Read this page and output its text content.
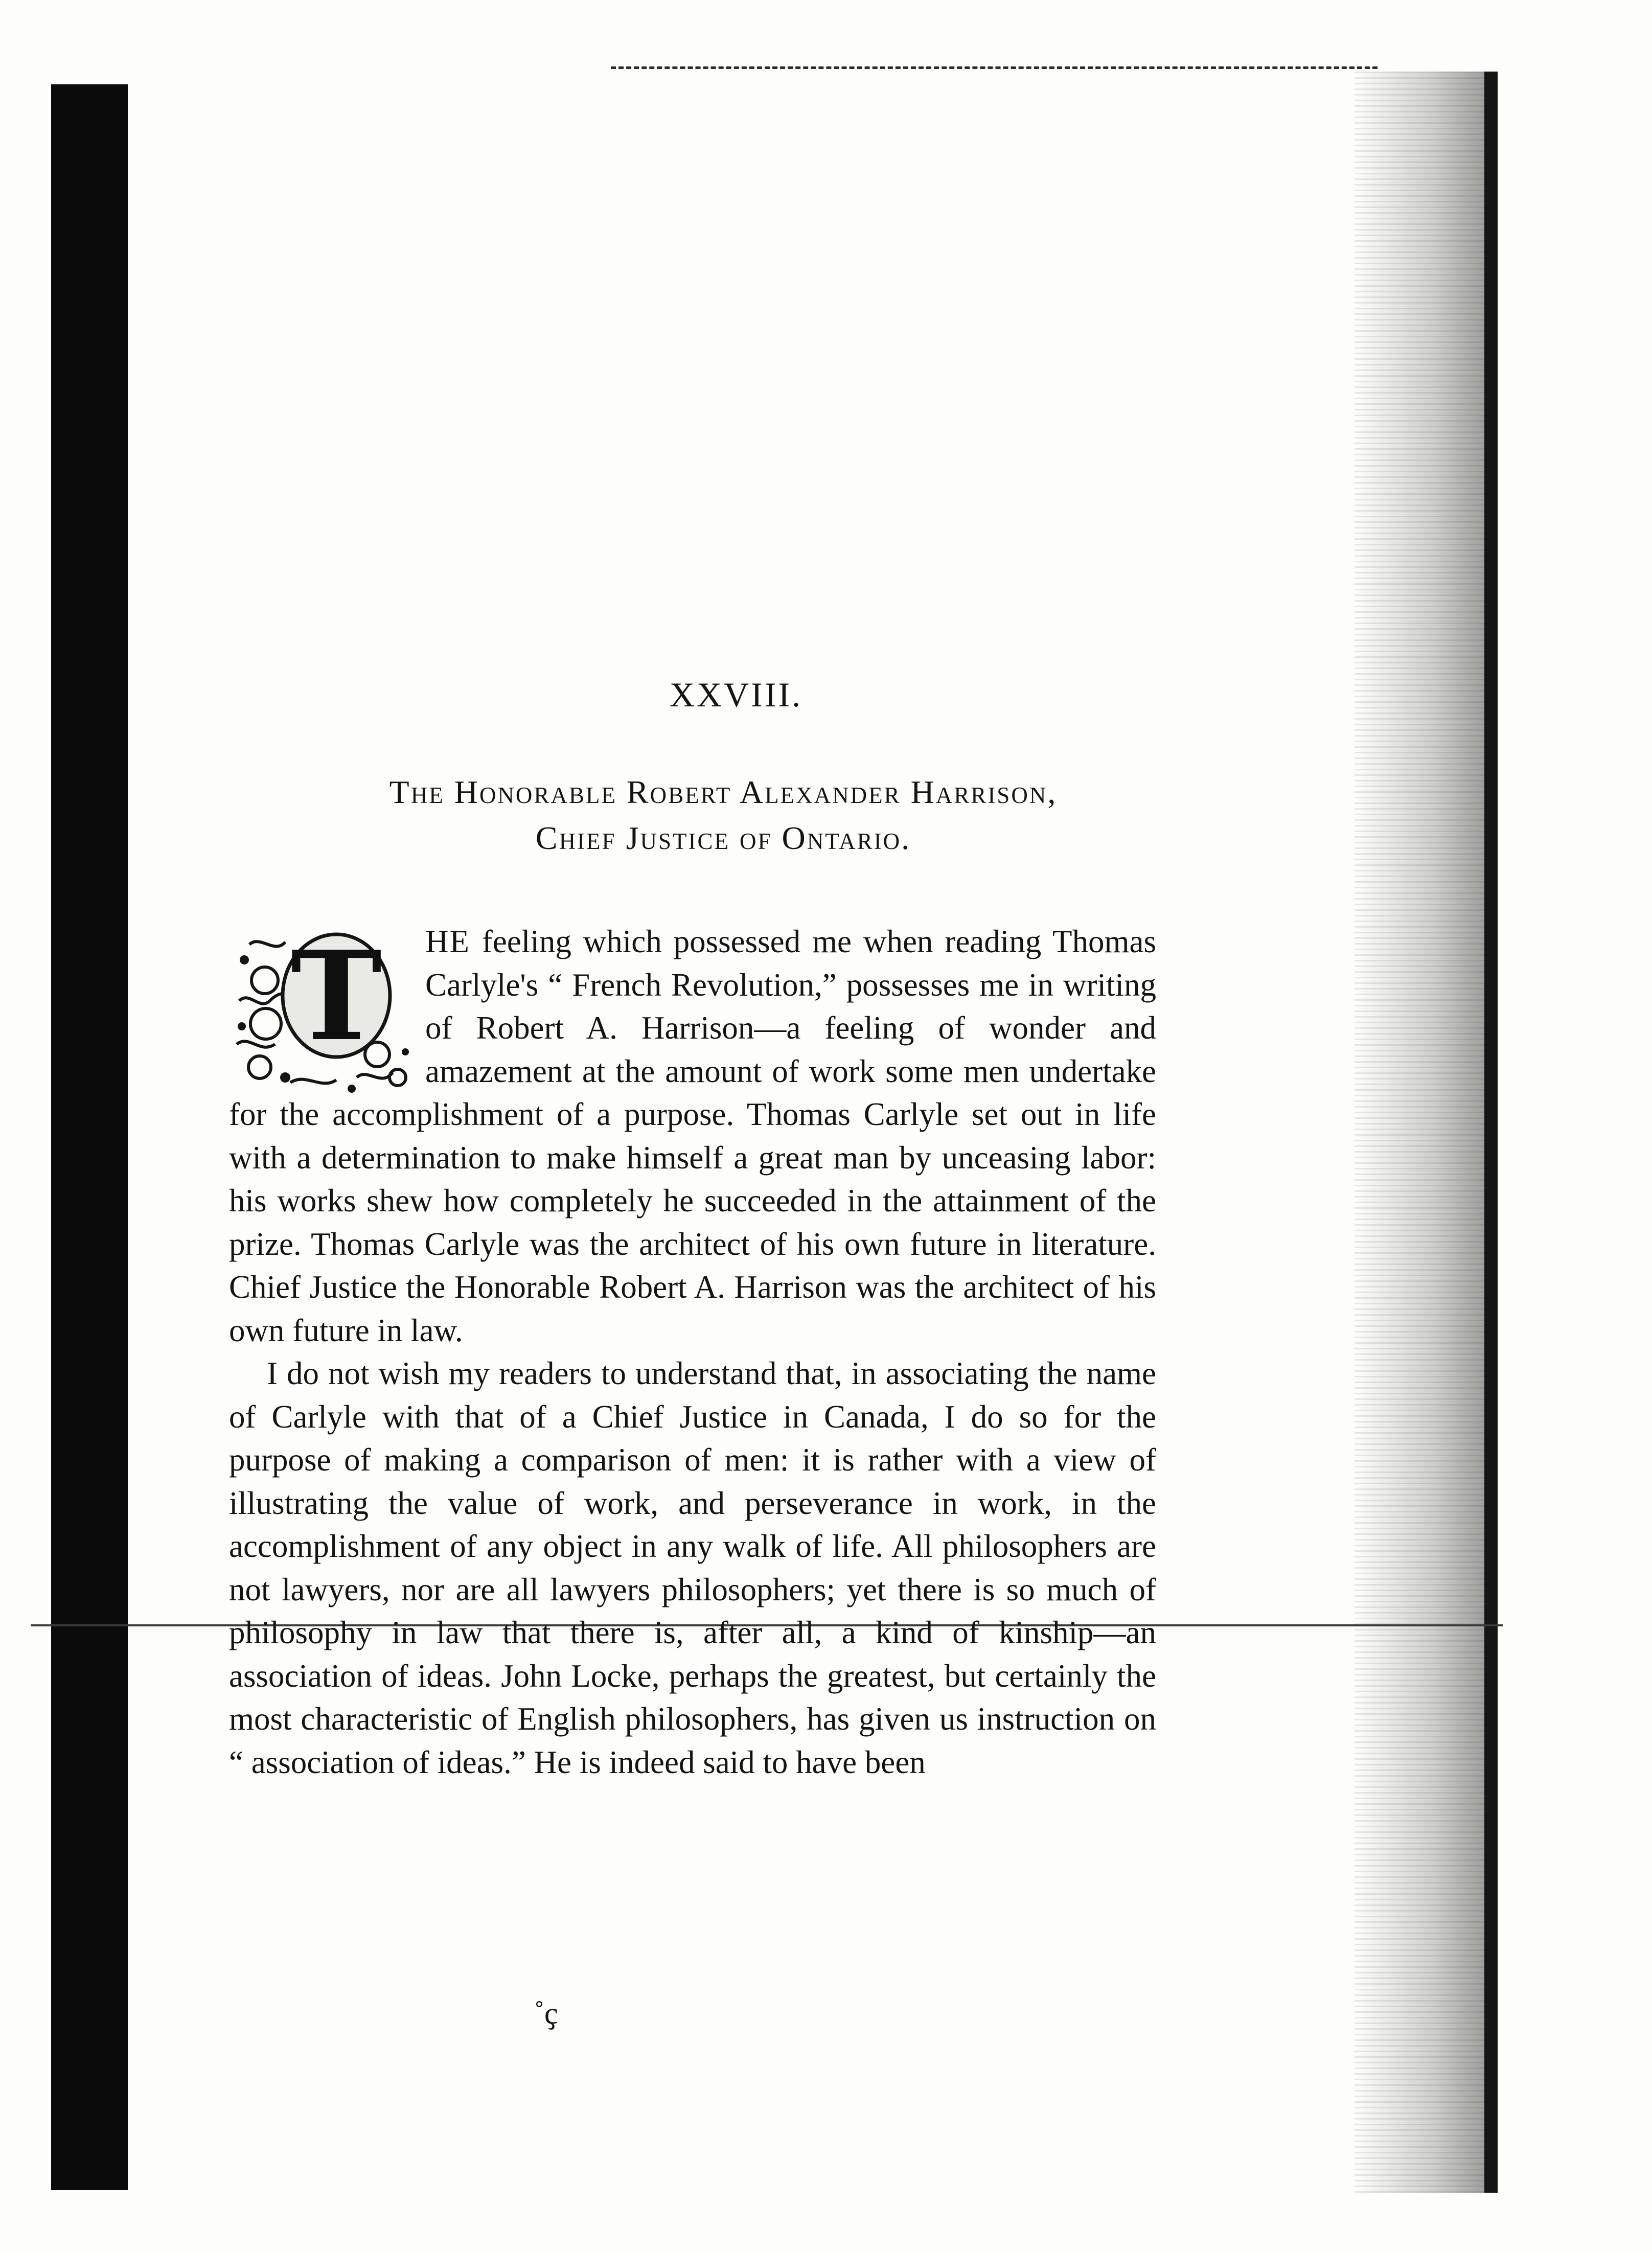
XXVIII.
The Honorable Robert Alexander Harrison,
Chief Justice of Ontario.
T	HE feeling which possessed me when reading Thomas Carlyle's “ French Revolution,” possesses me in writing of Robert A. Harrison—a feeling of wonder and amazement at the amount of work some men undertake for the accomplishment of a purpose. Thomas Carlyle set out in life with a determination to make himself a great man by unceasing labor: his works shew how completely he succeeded in the attainment of the prize. Thomas Carlyle was the architect of his own future in literature. Chief Justice the Honorable Robert A. Harrison was the architect of his own future in law.

I do not wish my readers to understand that, in associating the name of Carlyle with that of a Chief Justice in Canada, I do so for the purpose of making a comparison of men: it is rather with a view of illustrating the value of work, and perseverance in work, in the accomplishment of any object in any walk of life. All philosophers are not lawyers, nor are all lawyers philosophers; yet there is so much of philosophy in law that there is, after all, a kind of kinship—an association of ideas. John Locke, perhaps the greatest, but certainly the most characteristic of English philosophers, has given us instruction on “ association of ideas.” He is indeed said to have been

˚ҫ
